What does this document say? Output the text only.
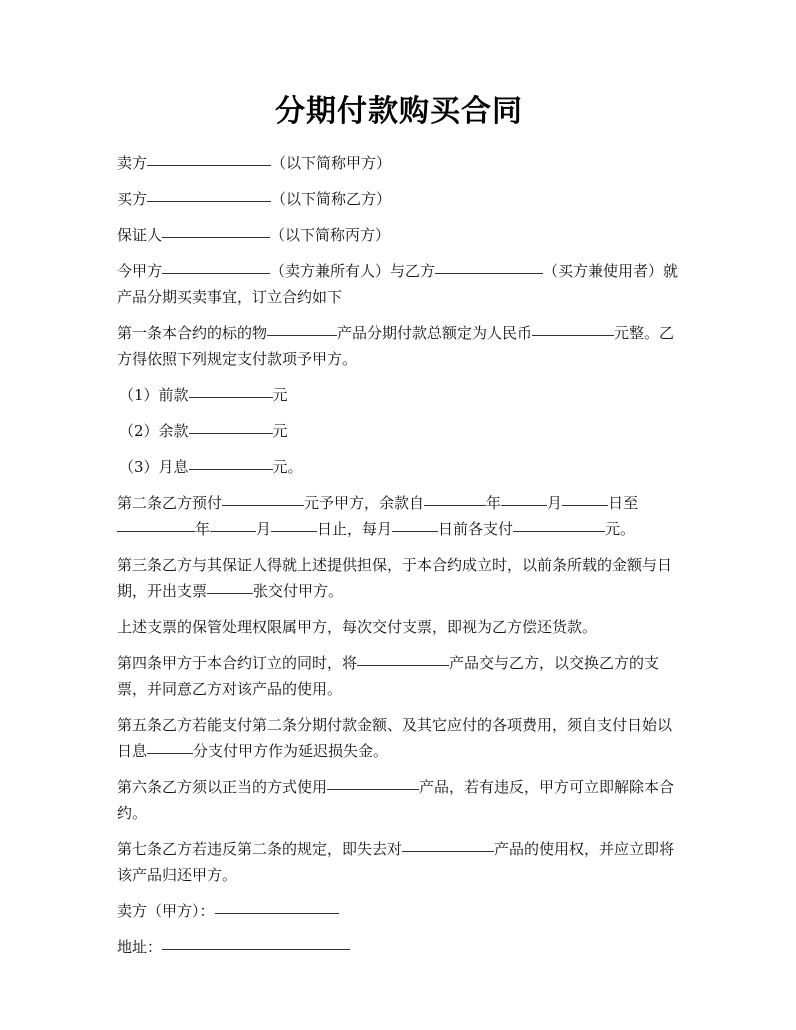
分期付款购买合同

卖方	（以下简称甲方）

买方	（以下简称乙方）

保证人	（以下简称丙方）

今甲方	（卖方兼所有人）与乙方	（买方兼使用者）就产品分期买卖事宜，订立合约如下

第一条本合约的标的物	产品分期付款总额定为人民币	元整。乙方得依照下列规定支付款项予甲方。

（1）前款	元

（2）余款	元

（3）月息	元。

第二条乙方预付	元予甲方，余款自	年	月	日至年	月	日止，每月	日前各支付	元。

第三条乙方与其保证人得就上述提供担保，于本合约成立时，以前条所载的金额与日期，开出支票	张交付甲方。

上述支票的保管处理权限属甲方，每次交付支票，即视为乙方偿还货款。

第四条甲方于本合约订立的同时，将	产品交与乙方，以交换乙方的支票，并同意乙方对该产品的使用。

第五条乙方若能支付第二条分期付款金额、及其它应付的各项费用，须自支付日始以日息	分支付甲方作为延迟损失金。

第六条乙方须以正当的方式使用	产品，若有违反，甲方可立即解除本合约。

第七条乙方若违反第二条的规定，即失去对	产品的使用权，并应立即将该产品归还甲方。

卖方（甲方）：

地址：
